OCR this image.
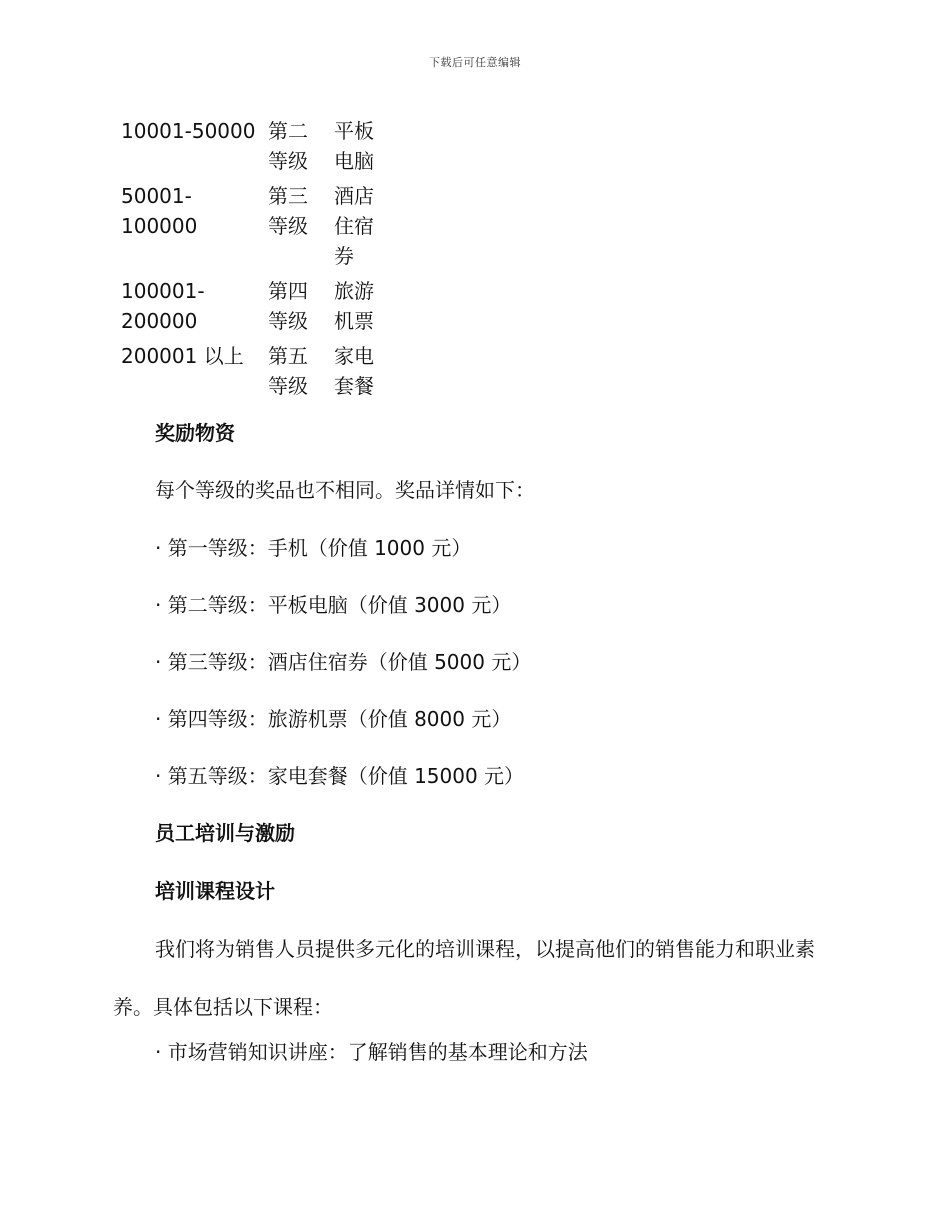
下载后可任意编辑
10001-50000	第二等级	平板电脑

50001-100000	第三等级	酒店住宿券

100001-200000	第四等级	旅游机票
200001 以上	第五等级	家电套餐
奖励物资
每个等级的奖品也不相同。奖品详情如下：
· 第一等级：手机（价值 1000 元）
· 第二等级：平板电脑（价值 3000 元）
· 第三等级：酒店住宿券（价值 5000 元）
· 第四等级：旅游机票（价值 8000 元）
· 第五等级：家电套餐（价值 15000 元）
员工培训与激励
培训课程设计
我们将为销售人员提供多元化的培训课程，以提高他们的销售能力和职业素养。具体包括以下课程：
· 市场营销知识讲座：了解销售的基本理论和方法
